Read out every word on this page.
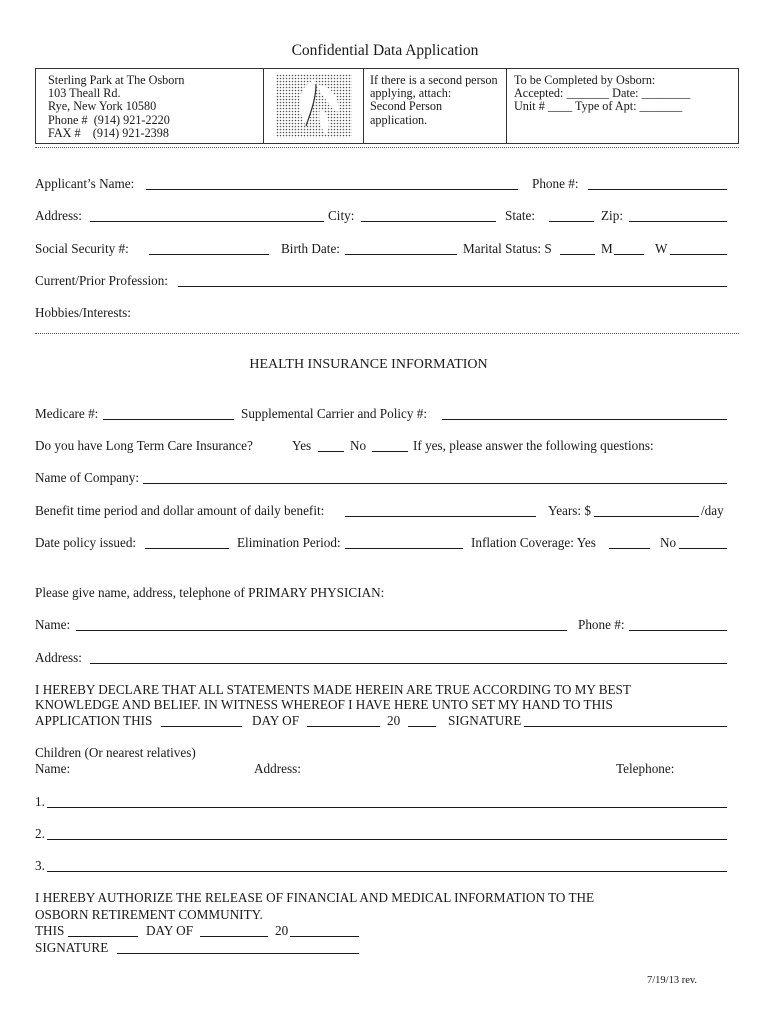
Confidential Data Application
Sterling Park at The Osborn
103 Theall Rd.
Rye, New York 10580
Phone #  (914) 921-2220
FAX #    (914) 921-2398
If there is a second person
applying, attach:
Second Person
application.
To be Completed by Osborn:
Accepted: _______ Date: ________
Unit # ____ Type of Apt: _______
Applicant’s Name:	Phone #:
Address:	City:	State:	Zip:
Social Security #:	Birth Date:	Marital Status: S	M	W
Current/Prior Profession:
Hobbies/Interests:
HEALTH INSURANCE INFORMATION
Medicare #:	Supplemental Carrier and Policy #:
Do you have Long Term Care Insurance?	Yes	No	If yes, please answer the following questions:
Name of Company:
Benefit time period and dollar amount of daily benefit:	Years: $	/day
Date policy issued:	Elimination Period:	Inflation Coverage: Yes	No
Please give name, address, telephone of PRIMARY PHYSICIAN:
Name:	Phone #:
Address:
I HEREBY DECLARE THAT ALL STATEMENTS MADE HEREIN ARE TRUE ACCORDING TO MY BEST
KNOWLEDGE AND BELIEF. IN WITNESS WHEREOF I HAVE HERE UNTO SET MY HAND TO THIS
APPLICATION THIS	DAY OF	20	SIGNATURE
Children (Or nearest relatives)
Name:	Address:	Telephone:
1.
2.
3.
I HEREBY AUTHORIZE THE RELEASE OF FINANCIAL AND MEDICAL INFORMATION TO THE
OSBORN RETIREMENT COMMUNITY.
THIS	DAY OF	20
SIGNATURE
7/19/13 rev.
